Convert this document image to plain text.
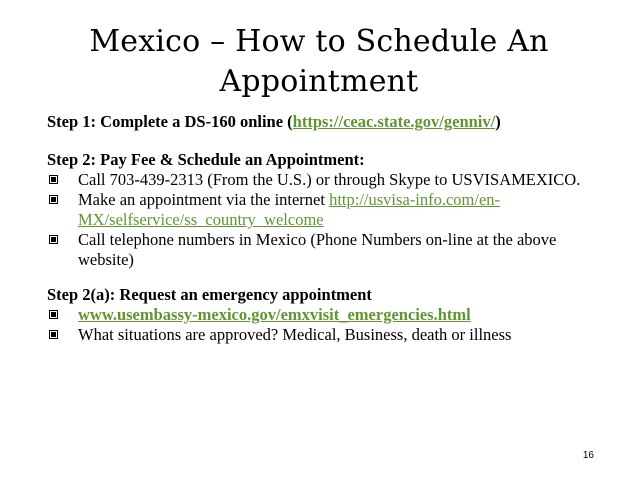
Mexico – How to Schedule An
Appointment

Step 1: Complete a DS-160 online (https://ceac.state.gov/genniv/)

Step 2: Pay Fee & Schedule an Appointment:

Call 703-439-2313 (From the U.S.) or through Skype to USVISAMEXICO.
Make an appointment via the internet http://usvisa-info.com/en-MX/selfservice/ss_country_welcome
Call telephone numbers in Mexico (Phone Numbers on-line at the above website)

Step 2(a): Request an emergency appointment

www.usembassy-mexico.gov/emxvisit_emergencies.html
What situations are approved? Medical, Business, death or illness
16
